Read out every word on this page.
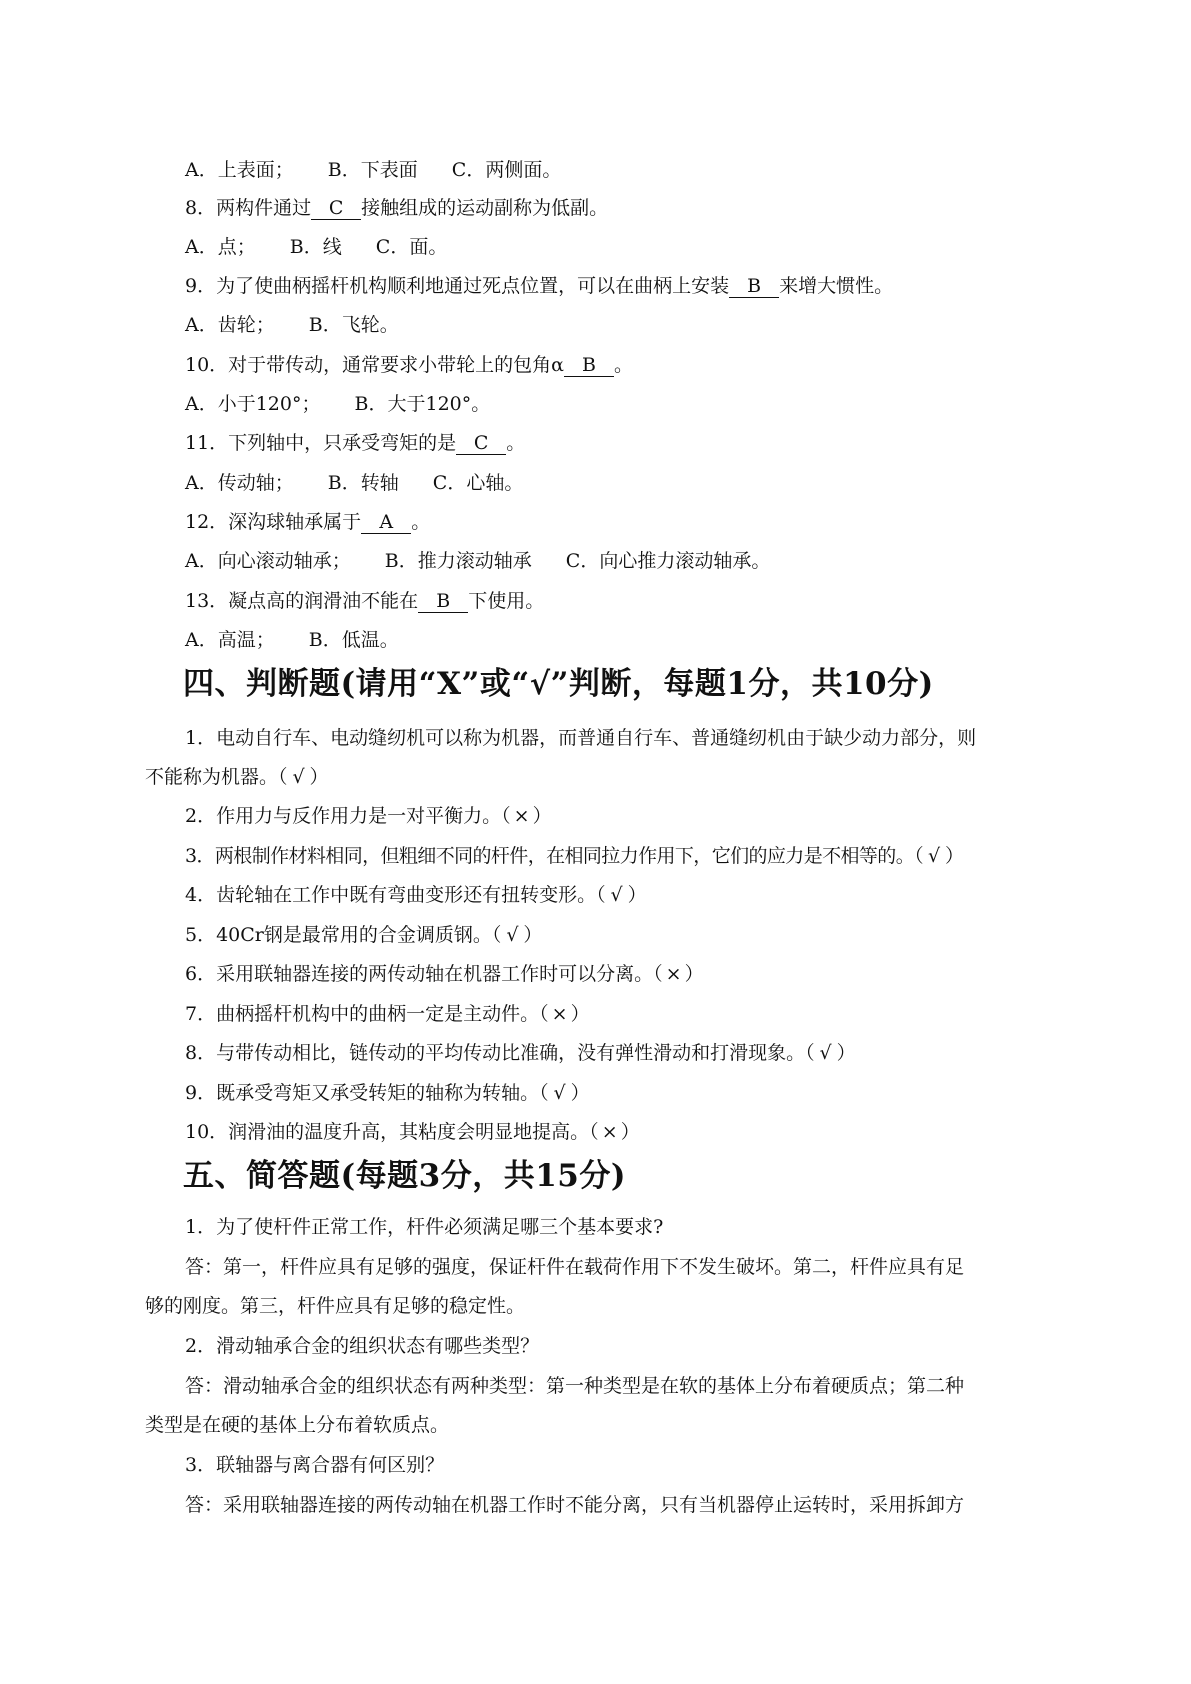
A．上表面； B．下表面 C．两侧面。
8．两构件通过 C 接触组成的运动副称为低副。
A．点； B．线 C．面。
9．为了使曲柄摇杆机构顺利地通过死点位置，可以在曲柄上安装 B 来增大惯性。
A．齿轮； B．飞轮。
10．对于带传动，通常要求小带轮上的包角α B 。
A．小于120°； B．大于120°。
11．下列轴中，只承受弯矩的是 C 。
A．传动轴； B．转轴 C．心轴。
12．深沟球轴承属于 A 。
A．向心滚动轴承； B．推力滚动轴承 C．向心推力滚动轴承。
13．凝点高的润滑油不能在 B 下使用。
A．高温； B．低温。
四、判断题(请用“X”或“√”判断，每题1分，共10分)
1．电动自行车、电动缝纫机可以称为机器，而普通自行车、普通缝纫机由于缺少动力部分，则
不能称为机器。（ √ ）
2．作用力与反作用力是一对平衡力。（ × ）
3．两根制作材料相同，但粗细不同的杆件，在相同拉力作用下，它们的应力是不相等的。（ √ ）
4．齿轮轴在工作中既有弯曲变形还有扭转变形。（ √ ）
5．40Cr钢是最常用的合金调质钢。（ √ ）
6．采用联轴器连接的两传动轴在机器工作时可以分离。（ × ）
7．曲柄摇杆机构中的曲柄一定是主动件。（ × ）
8．与带传动相比，链传动的平均传动比准确，没有弹性滑动和打滑现象。（ √ ）
9．既承受弯矩又承受转矩的轴称为转轴。（ √ ）
10．润滑油的温度升高，其粘度会明显地提高。（ × ）
五、简答题(每题3分，共15分)
1．为了使杆件正常工作，杆件必须满足哪三个基本要求?
答：第一，杆件应具有足够的强度，保证杆件在载荷作用下不发生破坏。第二，杆件应具有足
够的刚度。第三，杆件应具有足够的稳定性。
2．滑动轴承合金的组织状态有哪些类型？
答：滑动轴承合金的组织状态有两种类型：第一种类型是在软的基体上分布着硬质点；第二种
类型是在硬的基体上分布着软质点。
3．联轴器与离合器有何区别？
答：采用联轴器连接的两传动轴在机器工作时不能分离，只有当机器停止运转时，采用拆卸方
